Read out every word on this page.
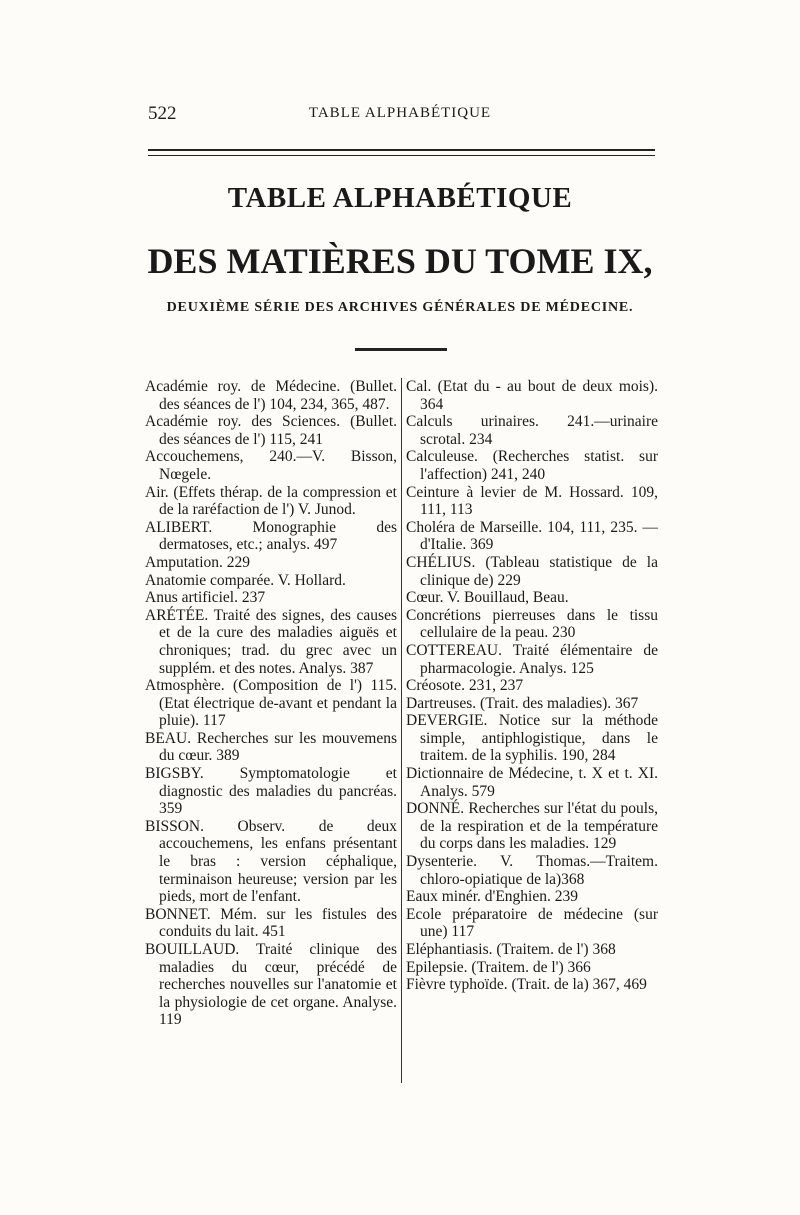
522	TABLE ALPHABÉTIQUE
TABLE ALPHABÉTIQUE
DES MATIÈRES DU TOME IX,
DEUXIÈME SÉRIE DES ARCHIVES GÉNÉRALES DE MÉDECINE.
Académie roy. de Médecine. (Bullet. des séances de l') 104, 234, 365, 487.
Académie roy. des Sciences. (Bullet. des séances de l') 115, 241
Accouchemens, 240.—V. Bisson, Nœgele.
Air. (Effets thérap. de la compression et de la raréfaction de l') V. Junod.
ALIBERT. Monographie des dermatoses, etc.; analys. 497
Amputation. 229
Anatomie comparée. V. Hollard.
Anus artificiel. 237
ARÉTÉE. Traité des signes, des causes et de la cure des maladies aiguës et chroniques; trad. du grec avec un supplém. et des notes. Analys. 387
Atmosphère. (Composition de l') 115. (Etat électrique de-avant et pendant la pluie). 117
BEAU. Recherches sur les mouvemens du cœur. 389
BIGSBY. Symptomatologie et diagnostic des maladies du pancréas. 359
BISSON. Observ. de deux accouchemens, les enfans présentant le bras : version céphalique, terminaison heureuse; version par les pieds, mort de l'enfant.
BONNET. Mém. sur les fistules des conduits du lait. 451
BOUILLAUD. Traité clinique des maladies du cœur, précédé de recherches nouvelles sur l'anatomie et la physiologie de cet organe. Analyse. 119
Cal. (Etat du - au bout de deux mois). 364
Calculs urinaires. 241.—urinaire scrotal. 234
Calculeuse. (Recherches statist. sur l'affection) 241, 240
Ceinture à levier de M. Hossard. 109, 111, 113
Choléra de Marseille. 104, 111, 235. — d'Italie. 369
CHÉLIUS. (Tableau statistique de la clinique de) 229
Cœur. V. Bouillaud, Beau.
Concrétions pierreuses dans le tissu cellulaire de la peau. 230
COTTEREAU. Traité élémentaire de pharmacologie. Analys. 125
Créosote. 231, 237
Dartreuses. (Trait. des maladies). 367
DEVERGIE. Notice sur la méthode simple, antiphlogistique, dans le traitem. de la syphilis. 190, 284
Dictionnaire de Médecine, t. X et t. XI. Analys. 579
DONNÉ. Recherches sur l'état du pouls, de la respiration et de la température du corps dans les maladies. 129
Dysenterie. V. Thomas.—Traitem. chloro-opiatique de la)368
Eaux minér. d'Enghien. 239
Ecole préparatoire de médecine (sur une) 117
Eléphantiasis. (Traitem. de l') 368
Epilepsie. (Traitem. de l') 366
Fièvre typhoïde. (Trait. de la) 367, 469
